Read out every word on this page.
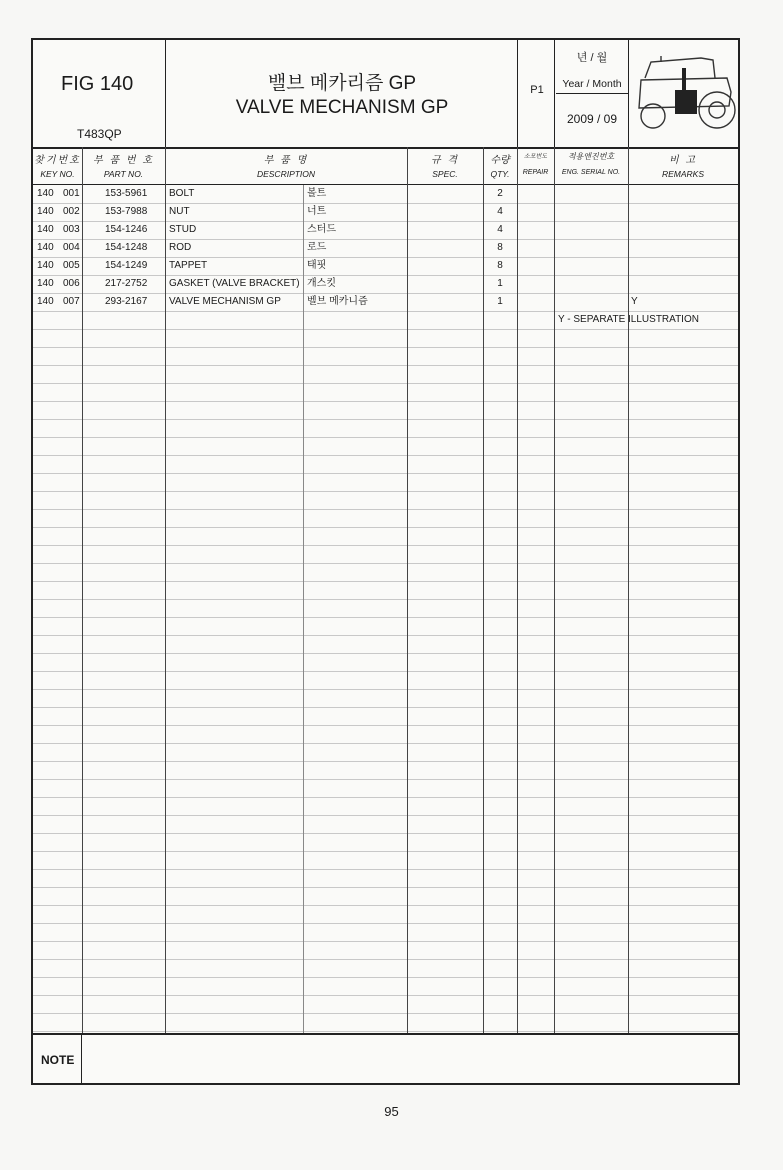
FIG 140
T483QP
밸브 메카리즘 GP
VALVE MECHANISM GP
P1
년 / 월
Year / Month
2009 / 09
찾기번호
KEY NO.
부 품 번 호
PART NO.
부 품 명
DESCRIPTION
규 격
SPEC.
수량
QTY.
소모번도
REPAIR
적용엔진번호
ENG. SERIAL NO.
비 고
REMARKS
140 001	153-5961 BOLT	볼트	2
140 002	153-7988 NUT	너트	4
140 003	154-1246 STUD	스터드	4
140 004	154-1248 ROD	로드	8
140 005	154-1249 TAPPET	태핏	8
140 006	217-2752 GASKET (VALVE BRACKET) 개스킷	1
140 007	293-2167 VALVE MECHANISM GP	벨브 메카니즘	1	Y
Y - SEPARATE ILLUSTRATION
NOTE
95
